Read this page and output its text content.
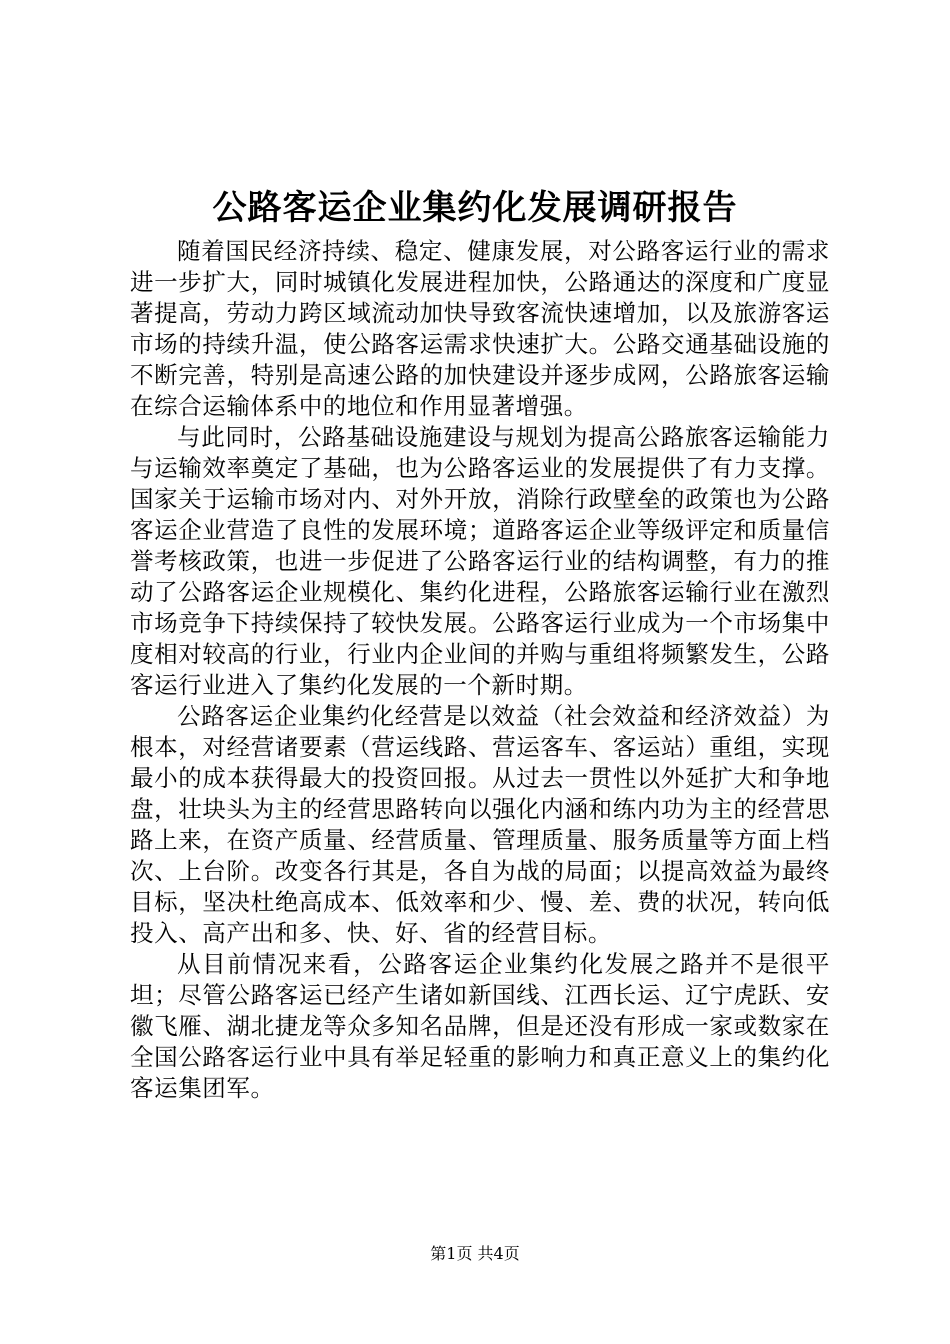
公路客运企业集约化发展调研报告

随着国民经济持续、稳定、健康发展，对公路客运行业的需求进一步扩大，同时城镇化发展进程加快，公路通达的深度和广度显著提高，劳动力跨区域流动加快导致客流快速增加，以及旅游客运市场的持续升温，使公路客运需求快速扩大。公路交通基础设施的不断完善，特别是高速公路的加快建设并逐步成网，公路旅客运输在综合运输体系中的地位和作用显著增强。

与此同时，公路基础设施建设与规划为提高公路旅客运输能力与运输效率奠定了基础，也为公路客运业的发展提供了有力支撑。国家关于运输市场对内、对外开放，消除行政壁垒的政策也为公路客运企业营造了良性的发展环境；道路客运企业等级评定和质量信誉考核政策，也进一步促进了公路客运行业的结构调整，有力的推动了公路客运企业规模化、集约化进程，公路旅客运输行业在激烈市场竞争下持续保持了较快发展。公路客运行业成为一个市场集中度相对较高的行业，行业内企业间的并购与重组将频繁发生，公路客运行业进入了集约化发展的一个新时期。

公路客运企业集约化经营是以效益（社会效益和经济效益）为根本，对经营诸要素（营运线路、营运客车、客运站）重组，实现最小的成本获得最大的投资回报。从过去一贯性以外延扩大和争地盘，壮块头为主的经营思路转向以强化内涵和练内功为主的经营思路上来，在资产质量、经营质量、管理质量、服务质量等方面上档次、上台阶。改变各行其是，各自为战的局面；以提高效益为最终目标，坚决杜绝高成本、低效率和少、慢、差、费的状况，转向低投入、高产出和多、快、好、省的经营目标。

从目前情况来看，公路客运企业集约化发展之路并不是很平坦；尽管公路客运已经产生诸如新国线、江西长运、辽宁虎跃、安徽飞雁、湖北捷龙等众多知名品牌，但是还没有形成一家或数家在全国公路客运行业中具有举足轻重的影响力和真正意义上的集约化客运集团军。

第1页 共4页
